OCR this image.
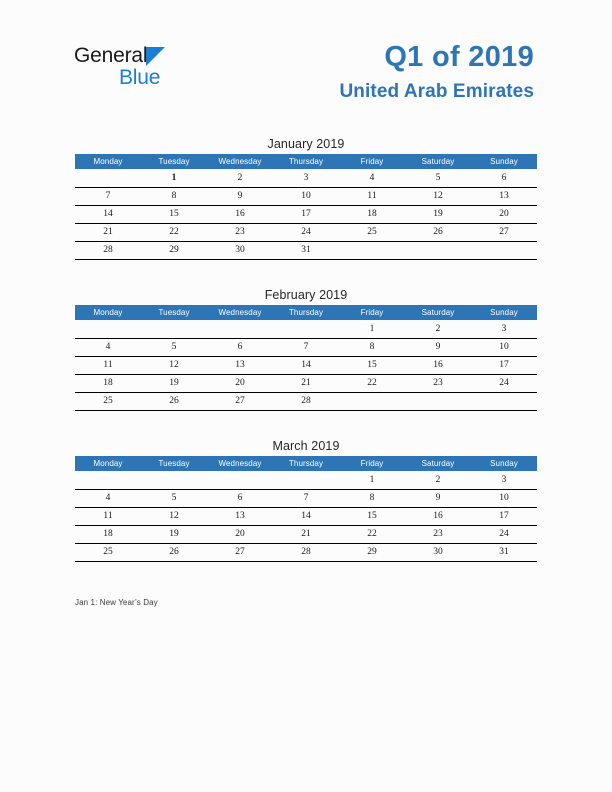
General
Blue
Q1 of 2019
United Arab Emirates
January 2019
Monday	Tuesday	Wednesday	Thursday	Friday	Saturday	Sunday
	1	2	3	4	5	6
7	8	9	10	11	12	13
14	15	16	17	18	19	20
21	22	23	24	25	26	27
28	29	30	31			
February 2019
Monday	Tuesday	Wednesday	Thursday	Friday	Saturday	Sunday
				1	2	3
4	5	6	7	8	9	10
11	12	13	14	15	16	17
18	19	20	21	22	23	24
25	26	27	28			
March 2019
Monday	Tuesday	Wednesday	Thursday	Friday	Saturday	Sunday
				1	2	3
4	5	6	7	8	9	10
11	12	13	14	15	16	17
18	19	20	21	22	23	24
25	26	27	28	29	30	31
Jan 1: New Year’s Day
